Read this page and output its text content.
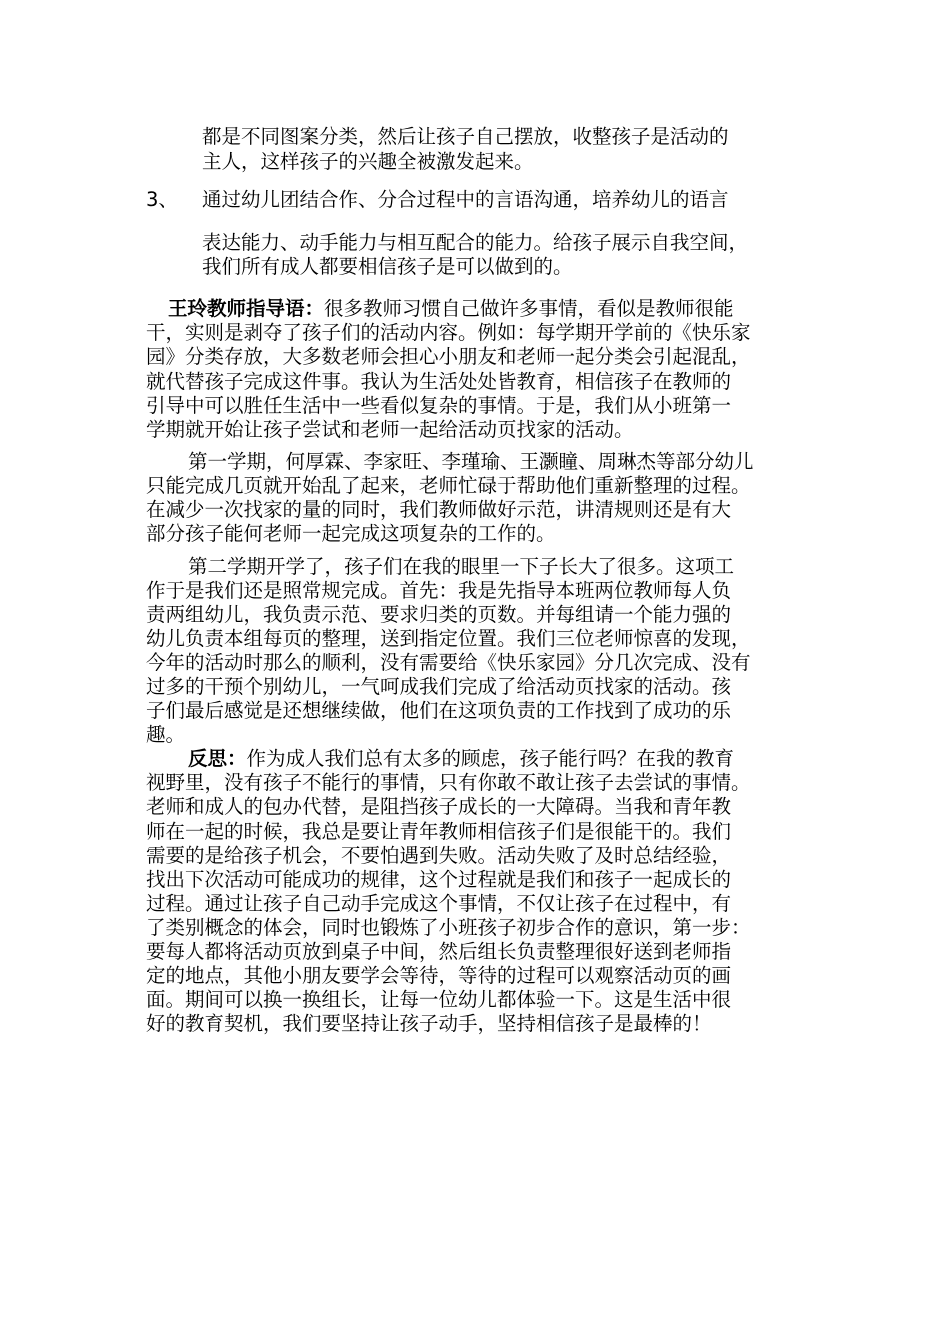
都是不同图案分类，然后让孩子自己摆放，收整孩子是活动的
主人，这样孩子的兴趣全被激发起来。
3、 通过幼儿团结合作、分合过程中的言语沟通，培养幼儿的语言
表达能力、动手能力与相互配合的能力。给孩子展示自我空间，
我们所有成人都要相信孩子是可以做到的。
王玲教师指导语：很多教师习惯自己做许多事情，看似是教师很能
干，实则是剥夺了孩子们的活动内容。例如：每学期开学前的《快乐家
园》分类存放，大多数老师会担心小朋友和老师一起分类会引起混乱，
就代替孩子完成这件事。我认为生活处处皆教育，相信孩子在教师的
引导中可以胜任生活中一些看似复杂的事情。于是，我们从小班第一
学期就开始让孩子尝试和老师一起给活动页找家的活动。
第一学期，何厚霖、李家旺、李瑾瑜、王灏瞳、周琳杰等部分幼儿
只能完成几页就开始乱了起来，老师忙碌于帮助他们重新整理的过程。
在减少一次找家的量的同时，我们教师做好示范，讲清规则还是有大
部分孩子能何老师一起完成这项复杂的工作的。
第二学期开学了，孩子们在我的眼里一下子长大了很多。这项工
作于是我们还是照常规完成。首先：我是先指导本班两位教师每人负
责两组幼儿，我负责示范、要求归类的页数。并每组请一个能力强的
幼儿负责本组每页的整理，送到指定位置。我们三位老师惊喜的发现，
今年的活动时那么的顺利，没有需要给《快乐家园》分几次完成、没有
过多的干预个别幼儿，一气呵成我们完成了给活动页找家的活动。孩
子们最后感觉是还想继续做，他们在这项负责的工作找到了成功的乐
趣。
反思：作为成人我们总有太多的顾虑，孩子能行吗？在我的教育
视野里，没有孩子不能行的事情，只有你敢不敢让孩子去尝试的事情。
老师和成人的包办代替，是阻挡孩子成长的一大障碍。当我和青年教
师在一起的时候，我总是要让青年教师相信孩子们是很能干的。我们
需要的是给孩子机会，不要怕遇到失败。活动失败了及时总结经验，
找出下次活动可能成功的规律，这个过程就是我们和孩子一起成长的
过程。通过让孩子自己动手完成这个事情，不仅让孩子在过程中，有
了类别概念的体会，同时也锻炼了小班孩子初步合作的意识，第一步：
要每人都将活动页放到桌子中间，然后组长负责整理很好送到老师指
定的地点，其他小朋友要学会等待，等待的过程可以观察活动页的画
面。期间可以换一换组长，让每一位幼儿都体验一下。这是生活中很
好的教育契机，我们要坚持让孩子动手，坚持相信孩子是最棒的！
